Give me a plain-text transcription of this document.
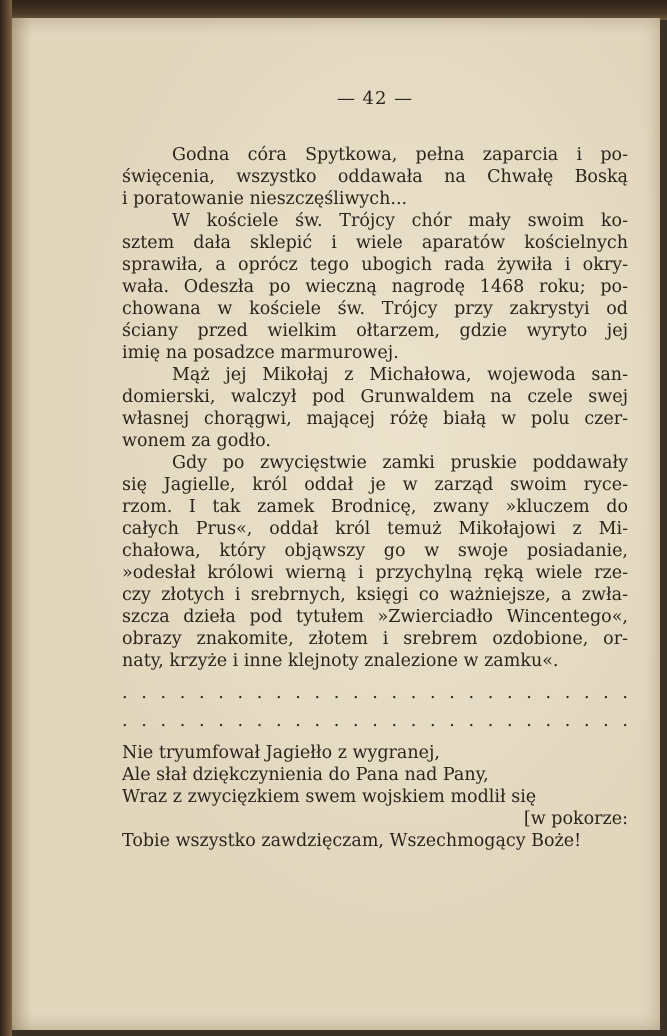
— 42 —
Godna córa Spytkowa, pełna zaparcia i po-
święcenia, wszystko oddawała na Chwałę Boską
i poratowanie nieszczęśliwych...
W kościele św. Trójcy chór mały swoim ko-
sztem dała sklepić i wiele aparatów kościelnych
sprawiła, a oprócz tego ubogich rada żywiła i okry-
wała. Odeszła po wieczną nagrodę 1468 roku; po-
chowana w kościele św. Trójcy przy zakrystyi od
ściany przed wielkim ołtarzem, gdzie wyryto jej
imię na posadzce marmurowej.
Mąż jej Mikołaj z Michałowa, wojewoda san-
domierski, walczył pod Grunwaldem na czele swej
własnej chorągwi, mającej różę białą w polu czer-
wonem za godło.
Gdy po zwycięstwie zamki pruskie poddawały
się Jagielle, król oddał je w zarząd swoim ryce-
rzom. I tak zamek Brodnicę, zwany »kluczem do
całych Prus«, oddał król temuż Mikołajowi z Mi-
chałowa, który objąwszy go w swoje posiadanie,
»odesłał królowi wierną i przychylną ręką wiele rze-
czy złotych i srebrnych, księgi co ważniejsze, a zwła-
szcza dzieła pod tytułem »Zwierciadło Wincentego«,
obrazy znakomite, złotem i srebrem ozdobione, or-
naty, krzyże i inne klejnoty znalezione w zamku«.
. . . . . . . . . . . . . . . . . . . . . . . . . . .
. . . . . . . . . . . . . . . . . . . . . . . . . . .
Nie tryumfował Jagiełło z wygranej,
Ale słał dziękczynienia do Pana nad Pany,
Wraz z zwycięzkiem swem wojskiem modlił się
[w pokorze:
Tobie wszystko zawdzięczam, Wszechmogący Boże!
